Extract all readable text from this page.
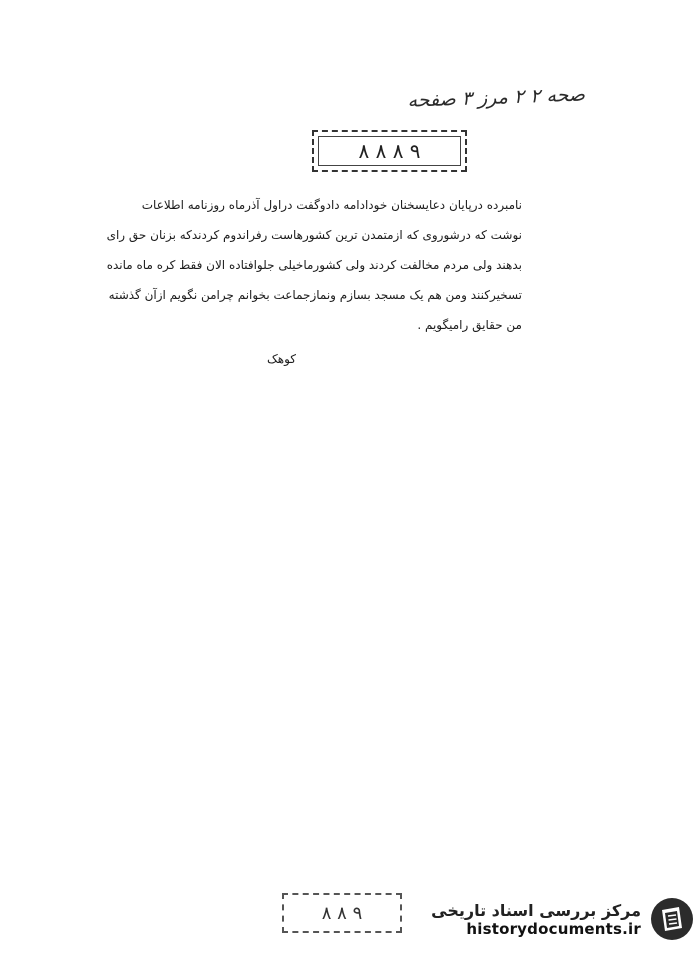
صحه ۲ ۲ مرز ۳ صفحه
۹ ۸ ۸ ۸
نامبرده درپایان دعایسخنان خودادامه دادوگفت دراول آذرماه روزنامه اطلاعات
نوشت که درشوروی که ازمتمدن ترین کشورهاست رفراندوم کردندکه بزنان حق رای
بدهند ولی مردم مخالفت کردند ولی کشورماخیلی جلوافتاده الان فقط کره ماه مانده
تسخیرکنند ومن هم یک مسجد بسازم ونمازجماعت بخوانم چرامن نگویم ازآن گذشته
من حقایق رامیگویم .
کوهک
۹ ۸ ۸	مرکز بررسی اسناد تاریخی
historydocuments.ir
